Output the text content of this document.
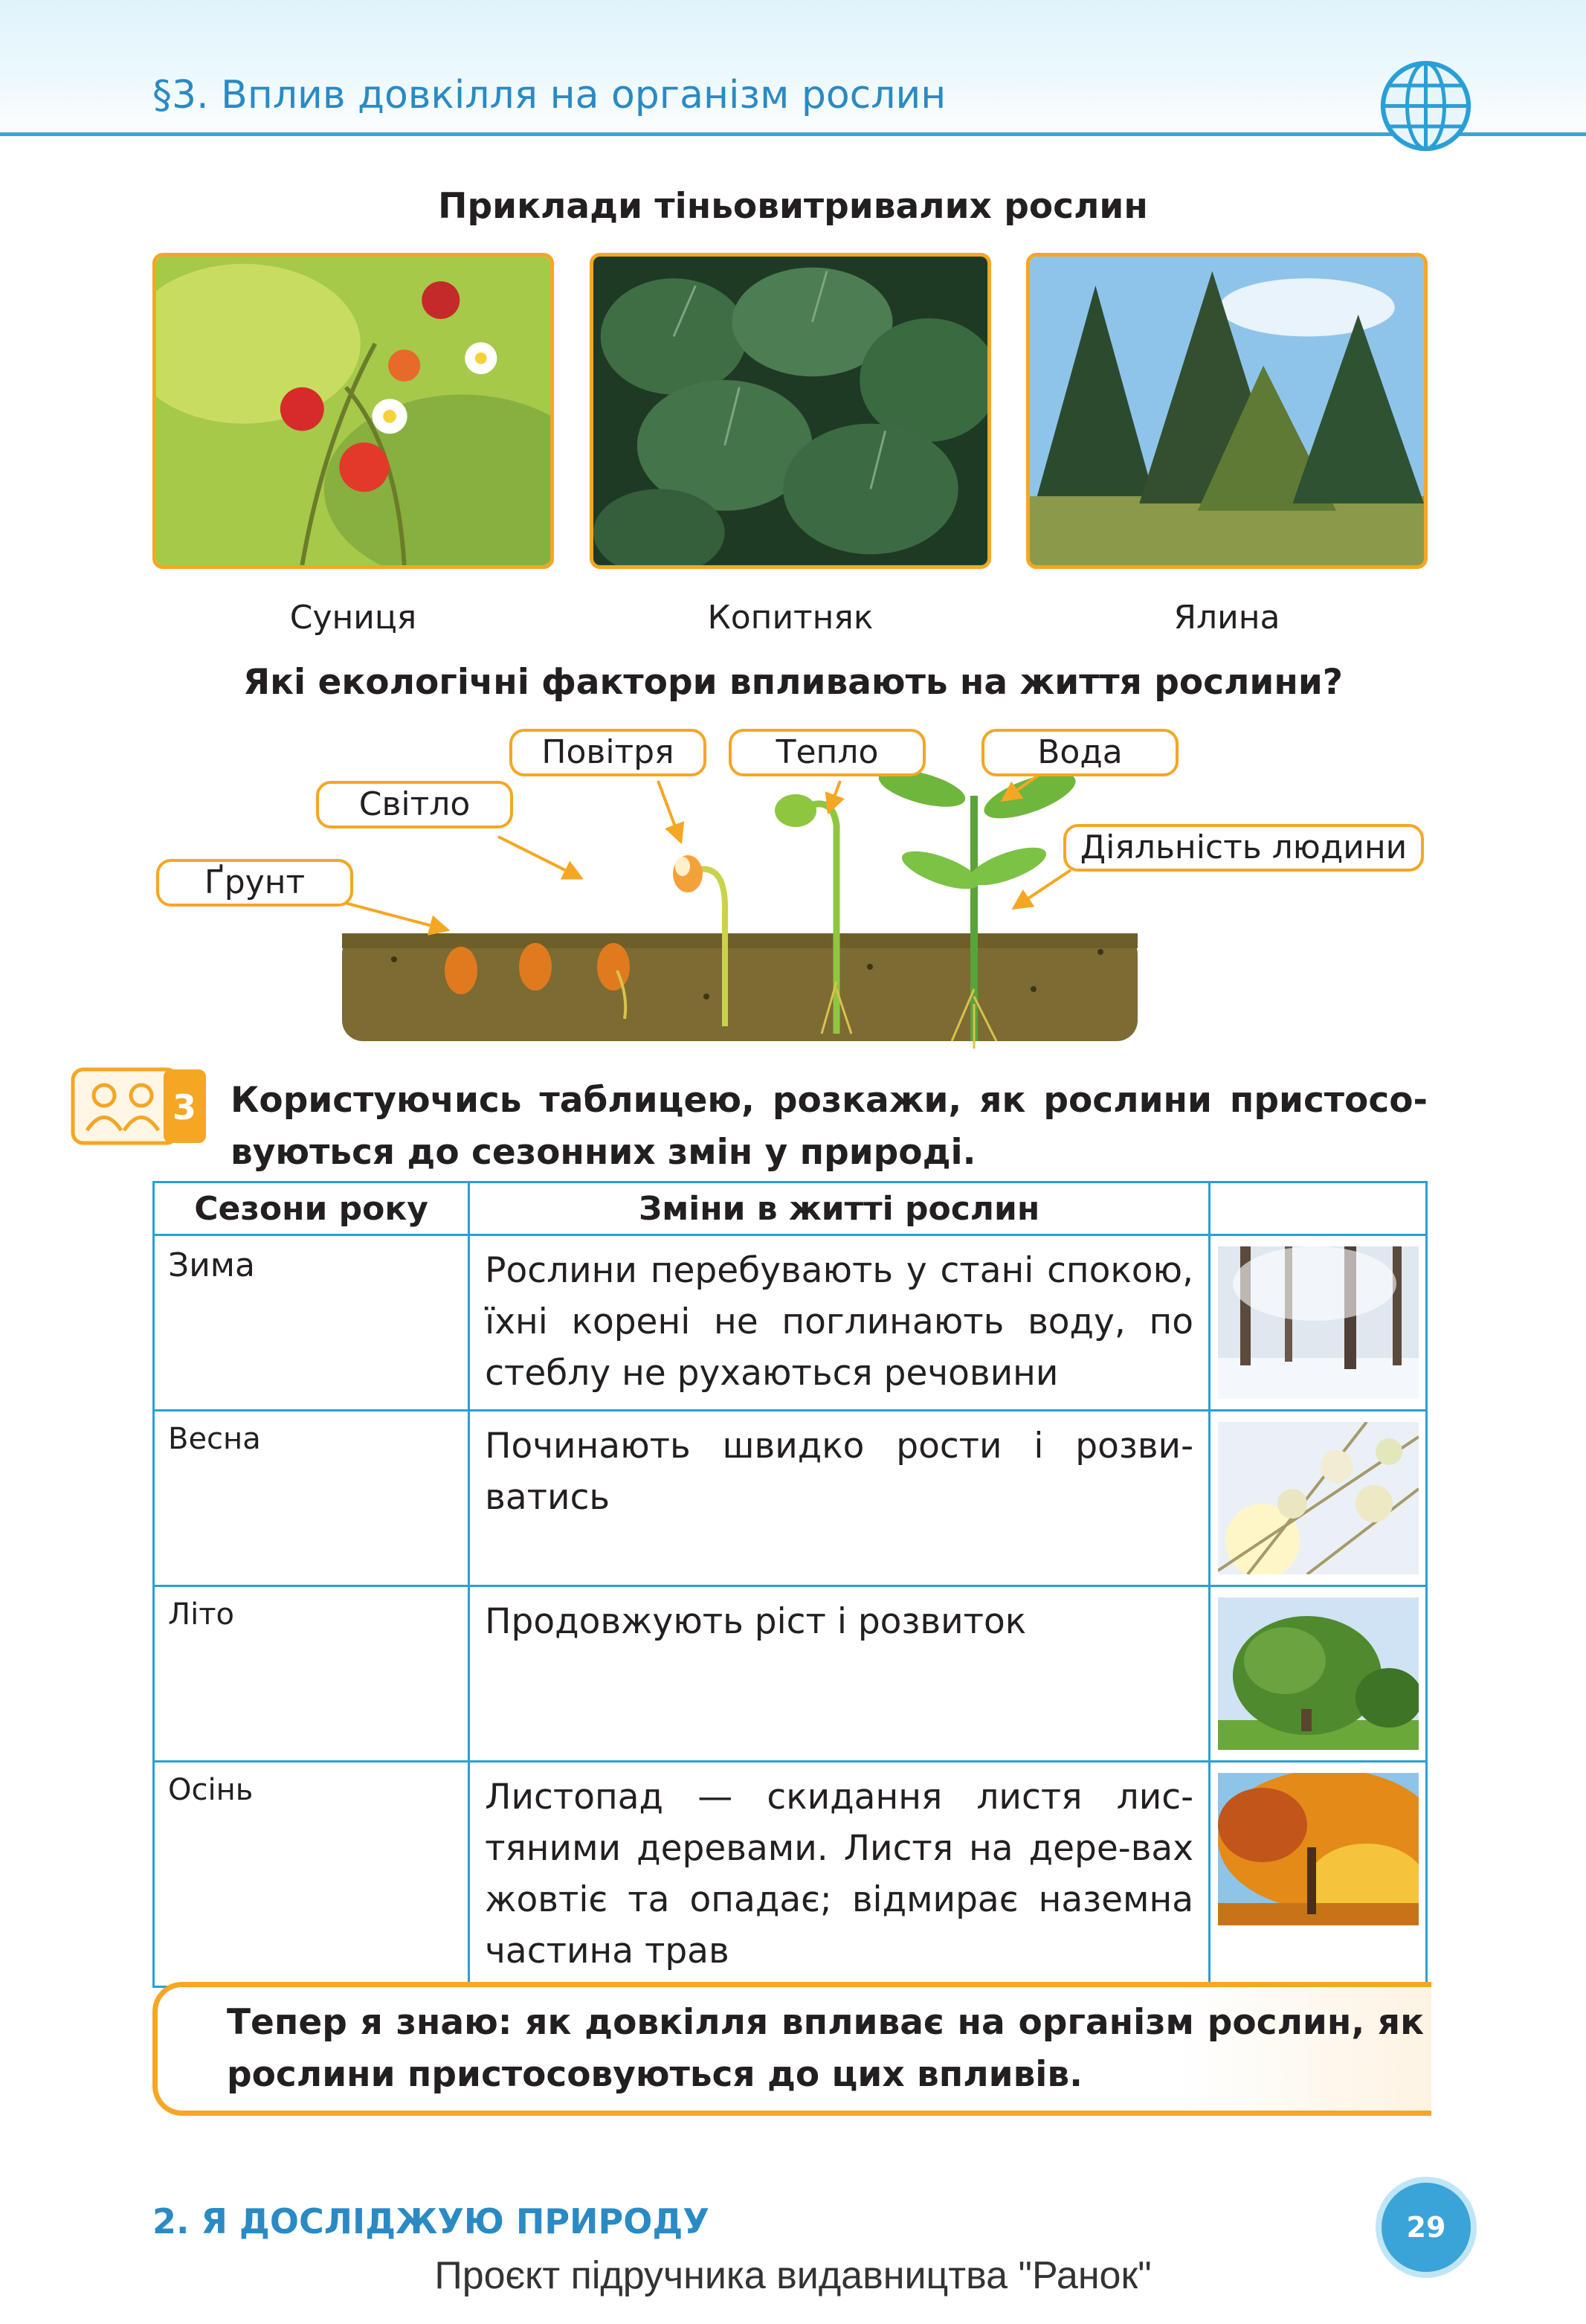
§3. Вплив довкілля на організм рослин
Приклади тіньовитривалих рослин
Суниця	Копитняк	Ялина
Які екологічні фактори впливають на життя рослини?
Ґрунт
Світло
Повітря	Тепло	Вода
Діяльність людини
3 Користуючись таблицею, розкажи, як рослини пристосо-вуються до сезонних змін у природі.
Сезони року	Зміни в житті рослин	
Зима	Рослини перебувають у стані спокою, їхні корені не поглинають воду, по стеблу не рухаються речовини	

Весна	Починають швидко рости і розви-ватись	

Літо	Продовжують ріст і розвиток	

Осінь	Листопад — скидання листя лис-тяними деревами. Листя на дере-вах жовтіє та опадає; відмирає наземна частина трав	
Тепер я знаю: як довкілля впливає на організм рослин, як рослини пристосовуються до цих впливів.
2. Я ДОСЛІДЖУЮ ПРИРОДУ	29
Проєкт підручника видавництва "Ранок"
